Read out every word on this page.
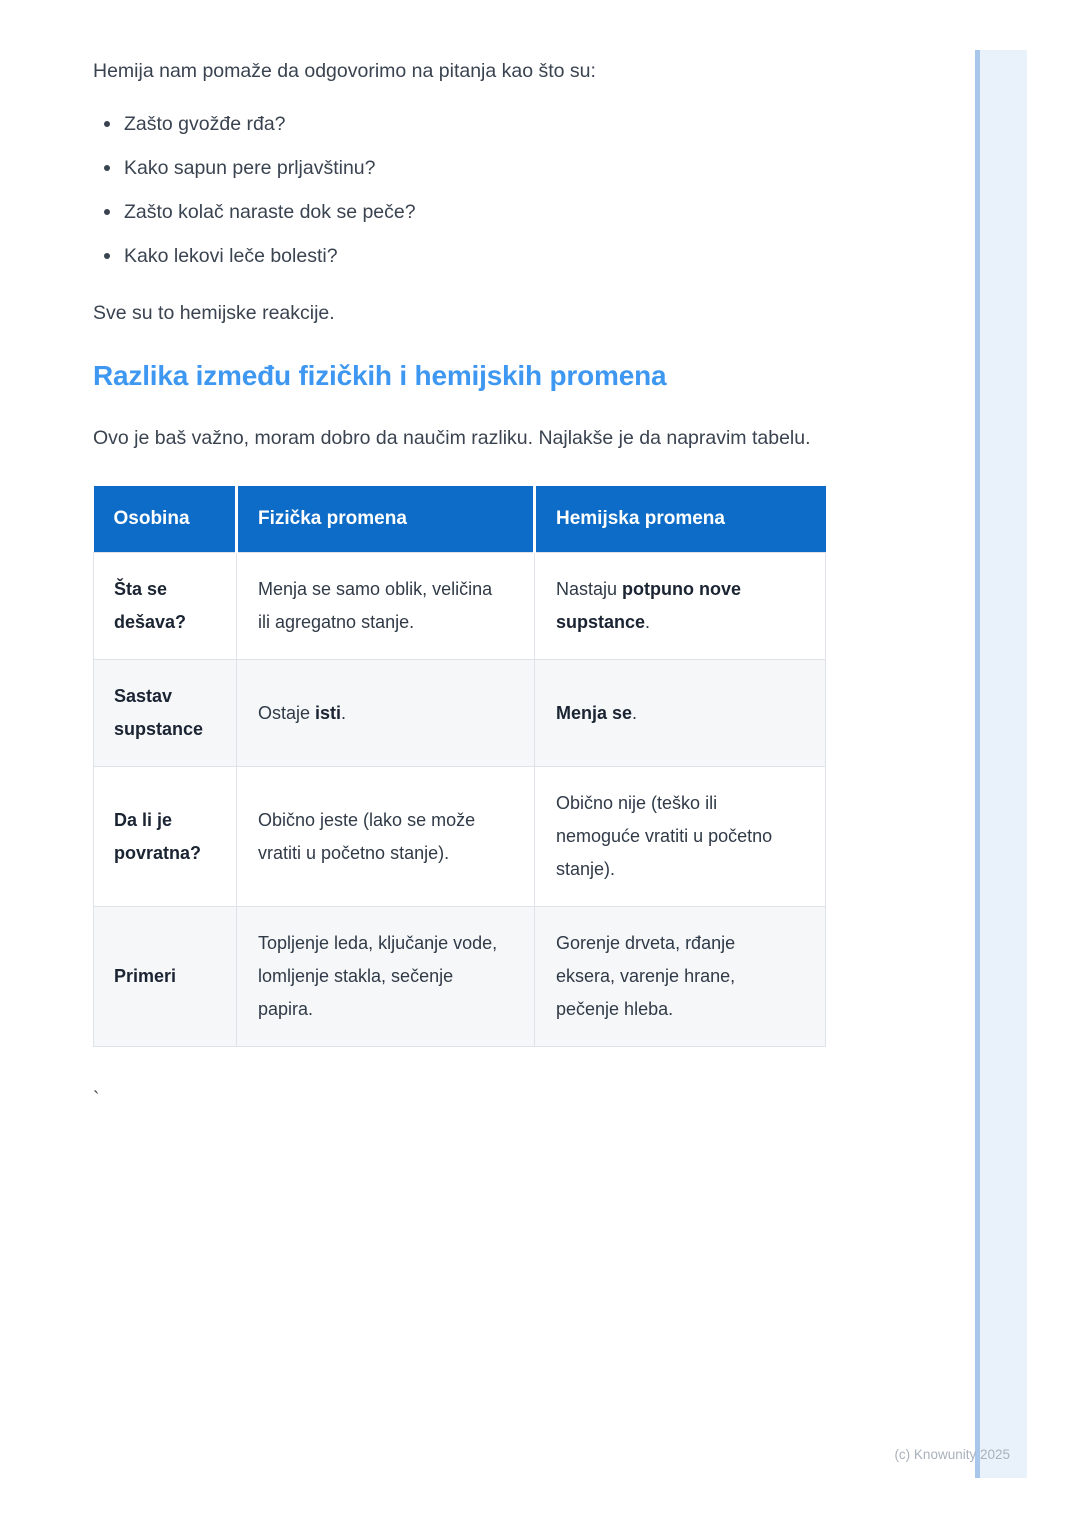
Hemija nam pomaže da odgovorimo na pitanja kao što su:

Zašto gvožđe rđa?
Kako sapun pere prljavštinu?
Zašto kolač naraste dok se peče?
Kako lekovi leče bolesti?

Sve su to hemijske reakcije.

Razlika između fizičkih i hemijskih promena

Ovo je baš važno, moram dobro da naučim razliku. Najlakše je da napravim tabelu.

Osobina	Fizička promena	Hemijska promena
Šta se dešava?	Menja se samo oblik, veličina ili agregatno stanje.	Nastaju potpuno nove supstance.
Sastav supstance	Ostaje isti.	Menja se.
Da li je povratna?	Obično jeste (lako se može vratiti u početno stanje).	Obično nije (teško ili nemoguće vratiti u početno stanje).
Primeri	Topljenje leda, ključanje vode, lomljenje stakla, sečenje papira.	Gorenje drveta, rđanje eksera, varenje hrane, pečenje hleba.

`

(c) Knowunity 2025
